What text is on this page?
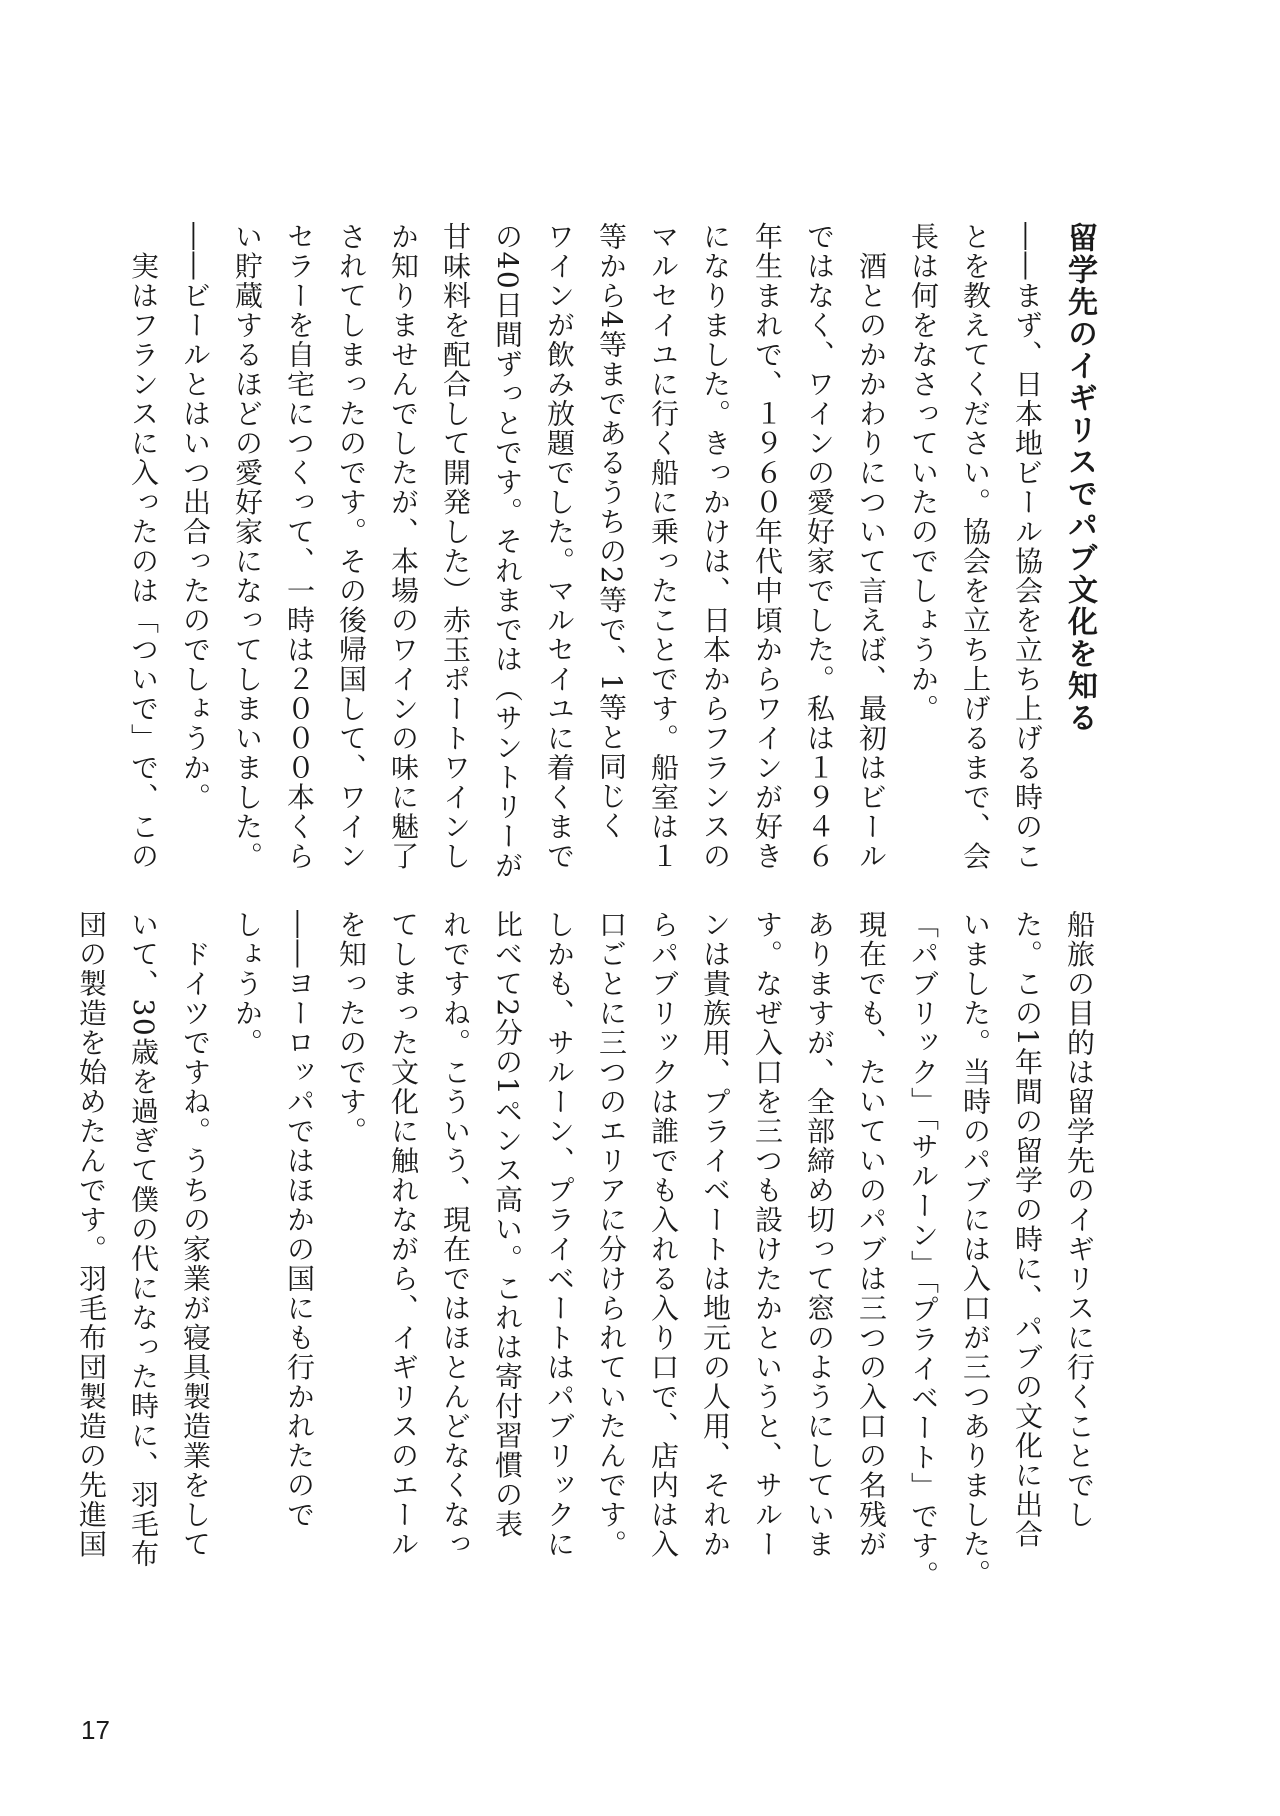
留学先のイギリスでパブ文化を知る
――まず、日本地ビール協会を立ち上げる時のこ
とを教えてください。協会を立ち上げるまで、会
長は何をなさっていたのでしょうか。
　酒とのかかわりについて言えば、最初はビール
ではなく、ワインの愛好家でした。私は１９４６
年生まれで、１９６０年代中頃からワインが好き
になりました。きっかけは、日本からフランスの
マルセイユに行く船に乗ったことです。船室は１
等から4等まであるうちの2等で、1等と同じく
ワインが飲み放題でした。マルセイユに着くまで
の40日間ずっとです。それまでは（サントリーが
甘味料を配合して開発した）赤玉ポートワインし
か知りませんでしたが、本場のワインの味に魅了
されてしまったのです。その後帰国して、ワイン
セラーを自宅につくって、一時は２０００本くら
い貯蔵するほどの愛好家になってしまいました。
――ビールとはいつ出合ったのでしょうか。
　実はフランスに入ったのは「ついで」で、この
船旅の目的は留学先のイギリスに行くことでし
た。この1年間の留学の時に、パブの文化に出合
いました。当時のパブには入口が三つありました。
「パブリック」「サルーン」「プライベート」です。
現在でも、たいていのパブは三つの入口の名残が
ありますが、全部締め切って窓のようにしていま
す。なぜ入口を三つも設けたかというと、サルー
ンは貴族用、プライベートは地元の人用、それか
らパブリックは誰でも入れる入り口で、店内は入
口ごとに三つのエリアに分けられていたんです。
しかも、サルーン、プライベートはパブリックに
比べて2分の1ペンス高い。これは寄付習慣の表
れですね。こういう、現在ではほとんどなくなっ
てしまった文化に触れながら、イギリスのエール
を知ったのです。
――ヨーロッパではほかの国にも行かれたので
しょうか。
　ドイツですね。うちの家業が寝具製造業をして
いて、30歳を過ぎて僕の代になった時に、羽毛布
団の製造を始めたんです。羽毛布団製造の先進国
17
